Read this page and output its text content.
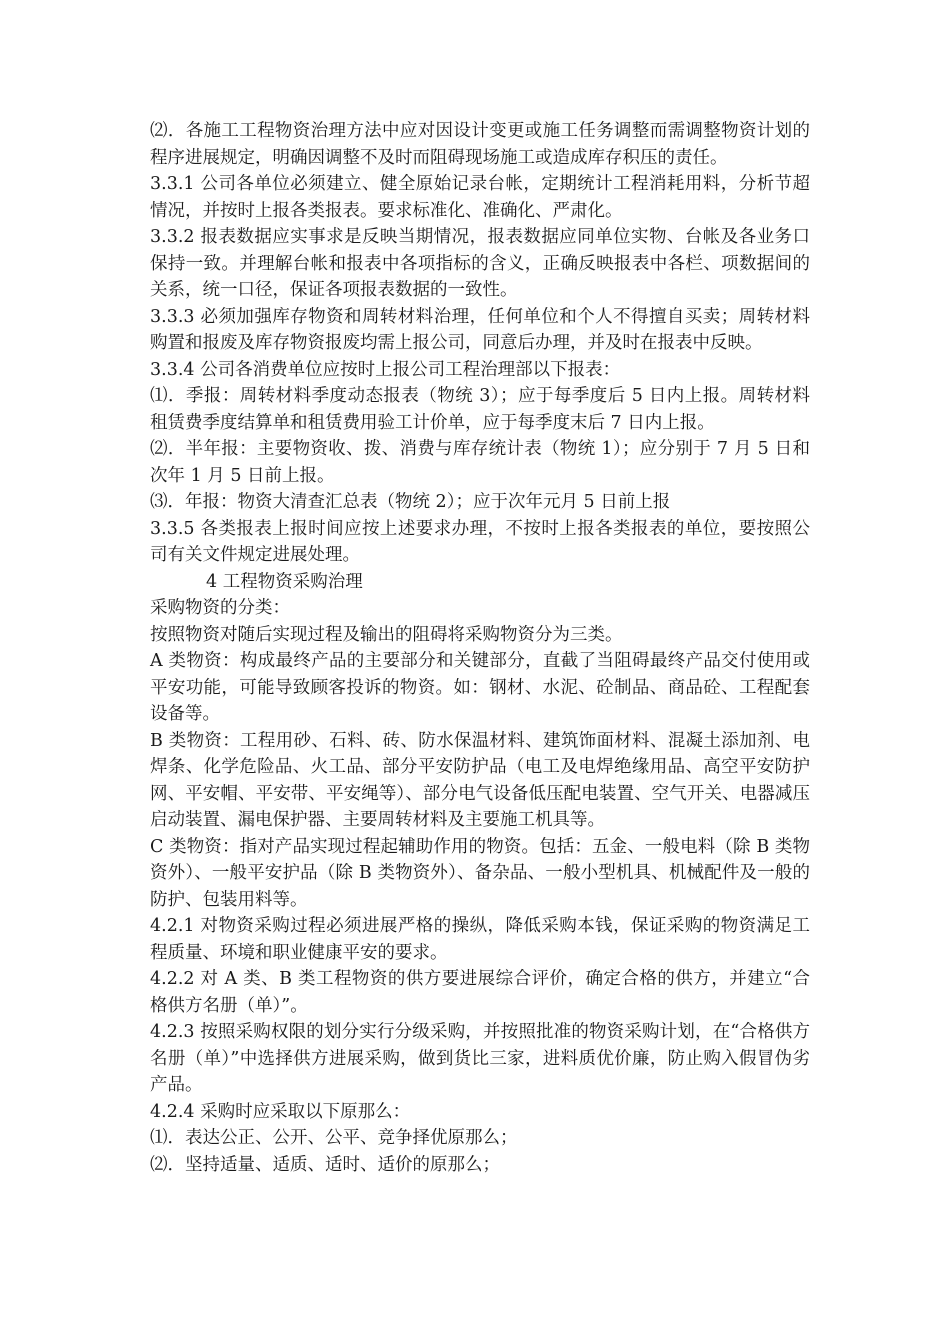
⑵．各施工工程物资治理方法中应对因设计变更或施工任务调整而需调整物资计划的程序进展规定，明确因调整不及时而阻碍现场施工或造成库存积压的责任。

3.3.1 公司各单位必须建立、健全原始记录台帐，定期统计工程消耗用料，分析节超情况，并按时上报各类报表。要求标准化、准确化、严肃化。

3.3.2 报表数据应实事求是反映当期情况，报表数据应同单位实物、台帐及各业务口保持一致。并理解台帐和报表中各项指标的含义，正确反映报表中各栏、项数据间的关系，统一口径，保证各项报表数据的一致性。

3.3.3 必须加强库存物资和周转材料治理，任何单位和个人不得擅自买卖；周转材料购置和报废及库存物资报废均需上报公司，同意后办理，并及时在报表中反映。

3.3.4 公司各消费单位应按时上报公司工程治理部以下报表：

⑴．季报：周转材料季度动态报表（物统 3）；应于每季度后 5 日内上报。周转材料租赁费季度结算单和租赁费用验工计价单，应于每季度末后 7 日内上报。

⑵．半年报：主要物资收、拨、消费与库存统计表（物统 1）；应分别于 7 月 5 日和次年 1 月 5 日前上报。

⑶．年报：物资大清查汇总表（物统 2）；应于次年元月 5 日前上报

3.3.5 各类报表上报时间应按上述要求办理，不按时上报各类报表的单位，要按照公司有关文件规定进展处理。

4 工程物资采购治理

采购物资的分类：

按照物资对随后实现过程及输出的阻碍将采购物资分为三类。

A 类物资：构成最终产品的主要部分和关键部分，直截了当阻碍最终产品交付使用或平安功能，可能导致顾客投诉的物资。如：钢材、水泥、砼制品、商品砼、工程配套设备等。

B 类物资：工程用砂、石料、砖、防水保温材料、建筑饰面材料、混凝土添加剂、电焊条、化学危险品、火工品、部分平安防护品（电工及电焊绝缘用品、高空平安防护网、平安帽、平安带、平安绳等）、部分电气设备低压配电装置、空气开关、电器减压启动装置、漏电保护器、主要周转材料及主要施工机具等。

C 类物资：指对产品实现过程起辅助作用的物资。包括：五金、一般电料（除 B 类物资外）、一般平安护品（除 B 类物资外）、备杂品、一般小型机具、机械配件及一般的防护、包装用料等。

4.2.1 对物资采购过程必须进展严格的操纵，降低采购本钱，保证采购的物资满足工程质量、环境和职业健康平安的要求。

4.2.2 对 A 类、B 类工程物资的供方要进展综合评价，确定合格的供方，并建立“合格供方名册（单）”。

4.2.3 按照采购权限的划分实行分级采购，并按照批准的物资采购计划，在“合格供方名册（单）”中选择供方进展采购，做到货比三家，进料质优价廉，防止购入假冒伪劣产品。

4.2.4 采购时应采取以下原那么：

⑴．表达公正、公开、公平、竞争择优原那么；

⑵．坚持适量、适质、适时、适价的原那么；
